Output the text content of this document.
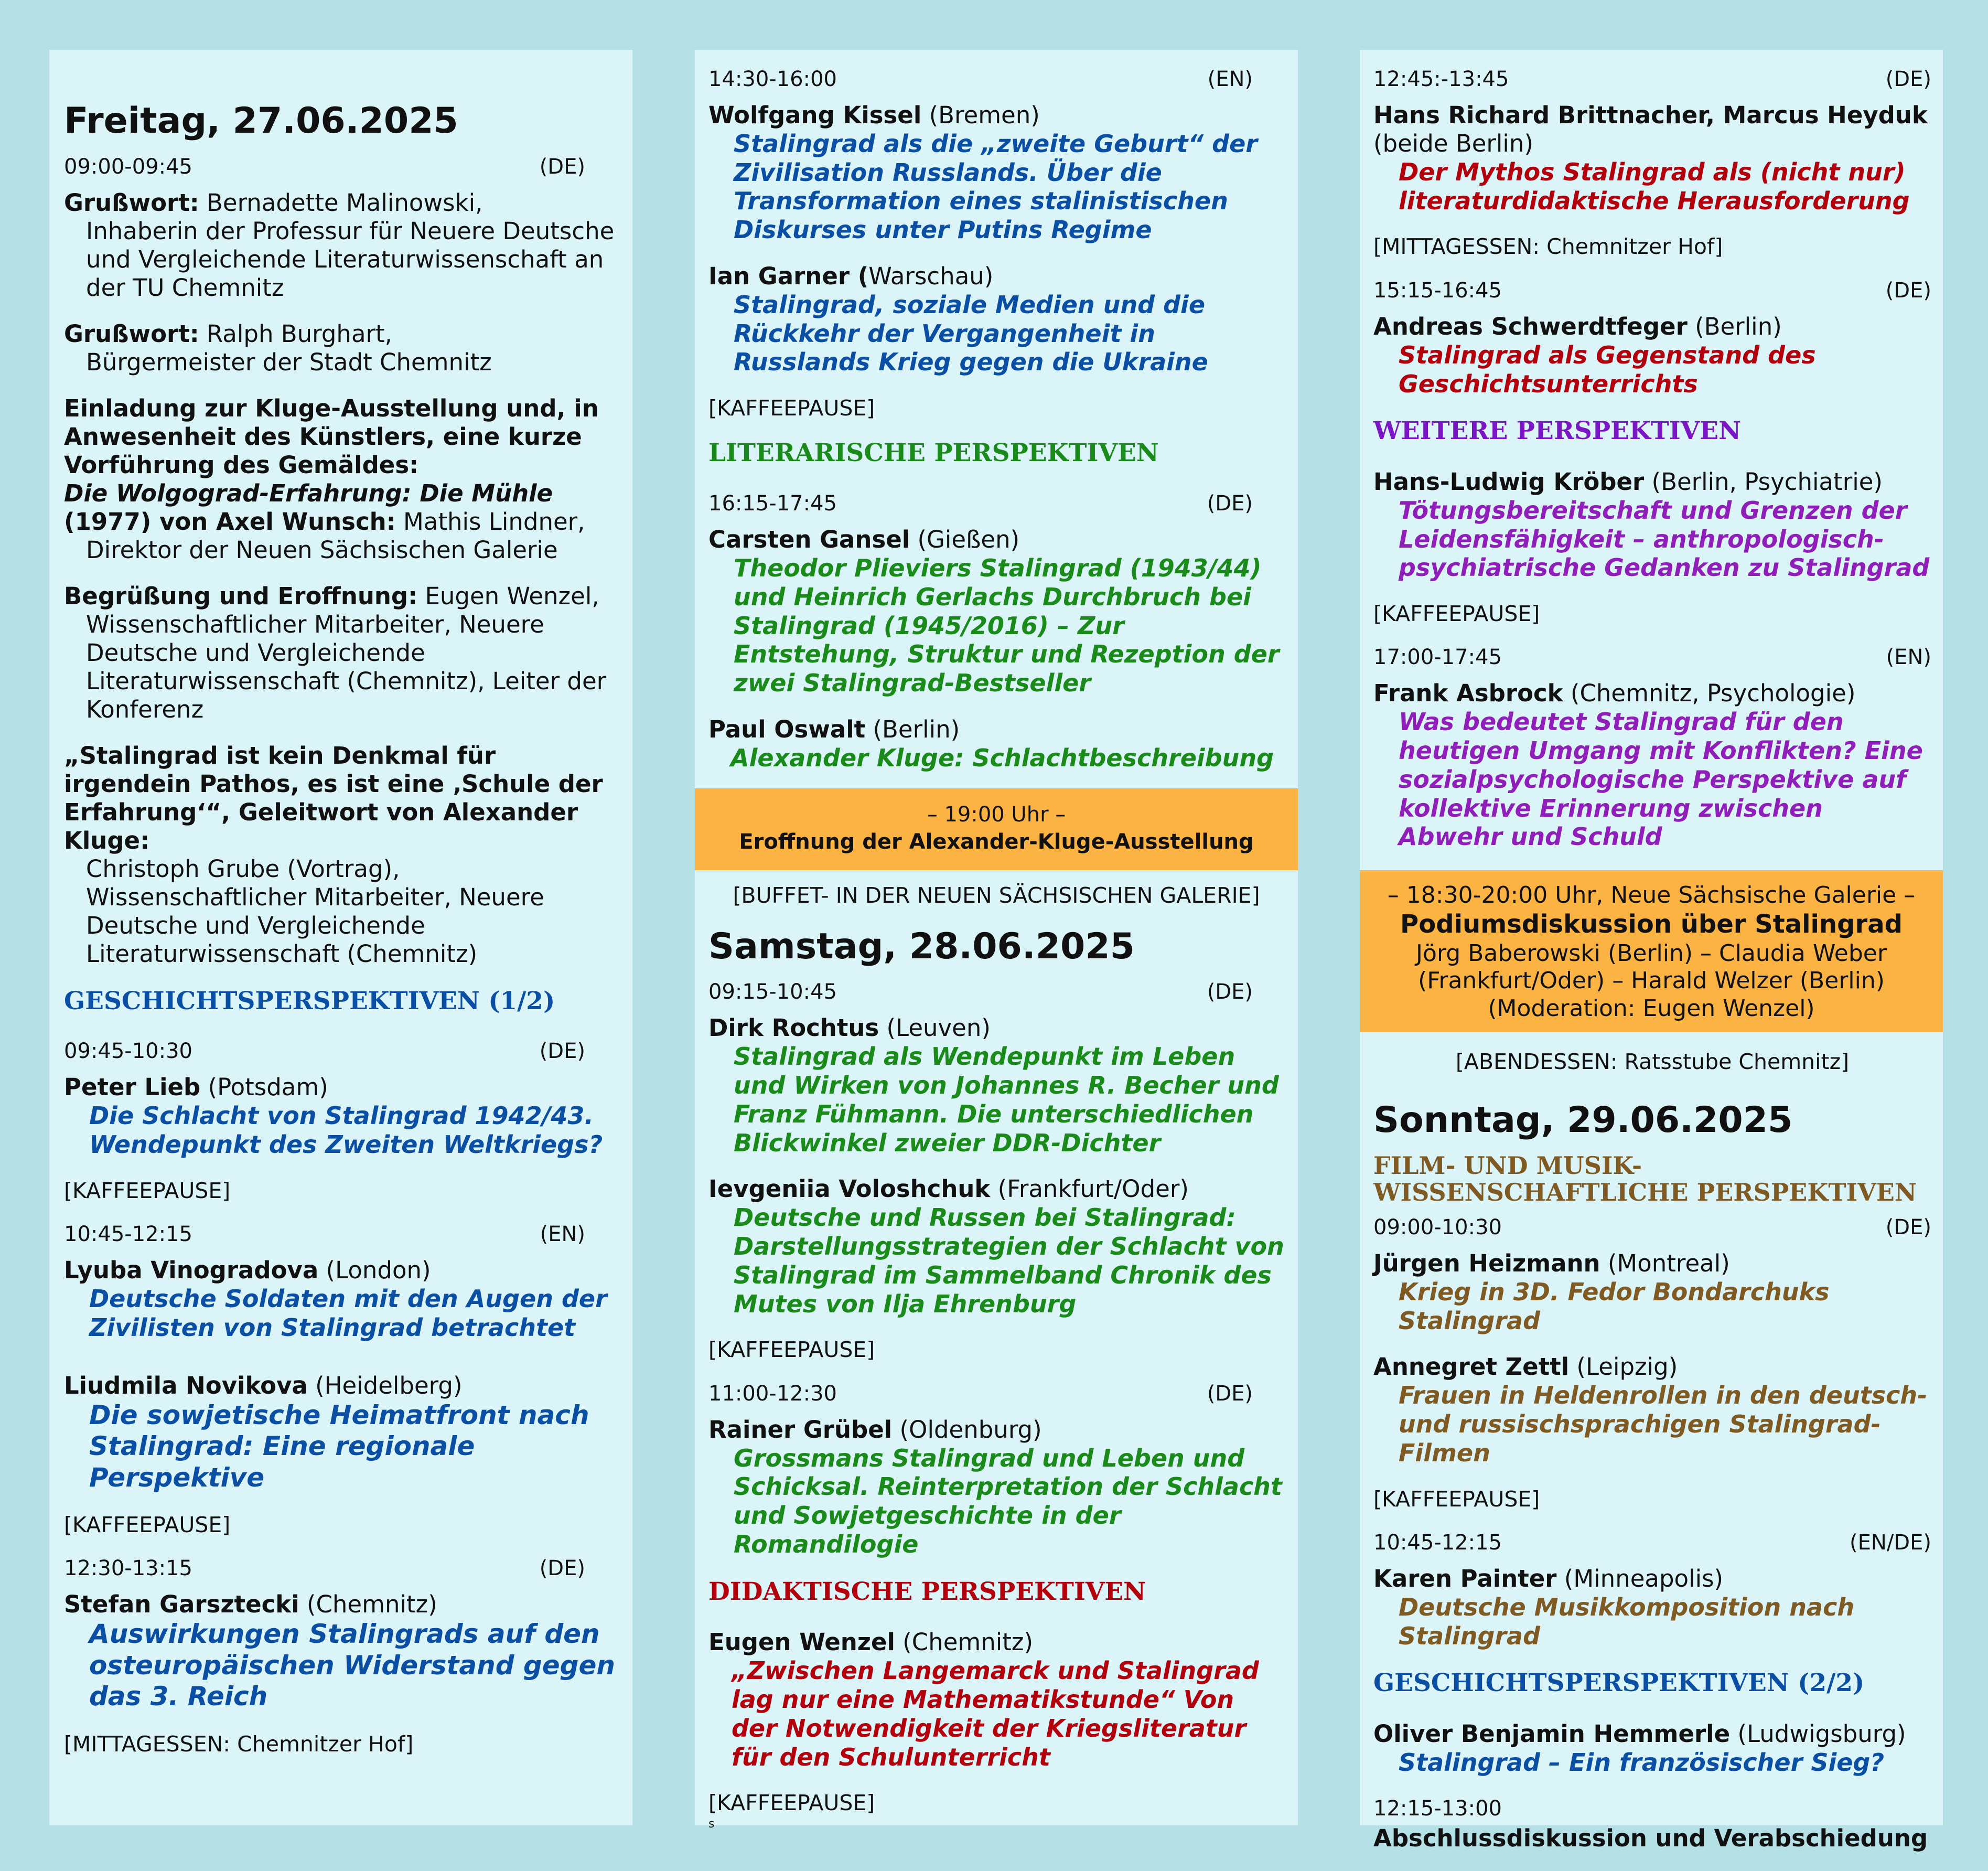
Freitag, 27.06.2025
09:00-09:45	(DE)
Grußwort: Bernadette Malinowski,
Inhaberin der Professur für Neuere Deutsche und Vergleichende Literaturwissenschaft an der TU Chemnitz
Grußwort: Ralph Burghart,
Bürgermeister der Stadt Chemnitz
Einladung zur Kluge-Ausstellung und, in Anwesenheit des Künstlers, eine kurze Vorführung des Gemäldes:
Die Wolgograd-Erfahrung: Die Mühle
(1977) von Axel Wunsch: Mathis Lindner,
Direktor der Neuen Sächsischen Galerie
Begrüßung und Eroffnung: Eugen Wenzel,
Wissenschaftlicher Mitarbeiter, Neuere Deutsche und Vergleichende Literaturwissenschaft (Chemnitz), Leiter der Konferenz
„Stalingrad ist kein Denkmal für irgendein Pathos, es ist eine ‚Schule der Erfahrung‘“, Geleitwort von Alexander Kluge:
Christoph Grube (Vortrag), Wissenschaftlicher Mitarbeiter, Neuere Deutsche und Vergleichende Literaturwissenschaft (Chemnitz)
GESCHICHTSPERSPEKTIVEN (1/2)
09:45-10:30	(DE)
Peter Lieb (Potsdam)
Die Schlacht von Stalingrad 1942/43. Wendepunkt des Zweiten Weltkriegs?
[KAFFEEPAUSE]
10:45-12:15	(EN)
Lyuba Vinogradova (London)
Deutsche Soldaten mit den Augen der Zivilisten von Stalingrad betrachtet
Liudmila Novikova (Heidelberg)
Die sowjetische Heimatfront nach Stalingrad: Eine regionale Perspektive
[KAFFEEPAUSE]
12:30-13:15	(DE)
Stefan Garsztecki (Chemnitz)
Auswirkungen Stalingrads auf den osteuropäischen Widerstand gegen das 3. Reich
[MITTAGESSEN: Chemnitzer Hof]
14:30-16:00	(EN)
Wolfgang Kissel (Bremen)
Stalingrad als die „zweite Geburt“ der Zivilisation Russlands. Über die Transformation eines stalinistischen Diskurses unter Putins Regime
Ian Garner (Warschau)
Stalingrad, soziale Medien und die Rückkehr der Vergangenheit in Russlands Krieg gegen die Ukraine
[KAFFEEPAUSE]
LITERARISCHE PERSPEKTIVEN
16:15-17:45	(DE)
Carsten Gansel (Gießen)
Theodor Plieviers Stalingrad (1943/44) und Heinrich Gerlachs Durchbruch bei Stalingrad (1945/2016) – Zur Entstehung, Struktur und Rezeption der zwei Stalingrad-Bestseller
Paul Oswalt (Berlin)
Alexander Kluge: Schlachtbeschreibung
– 19:00 Uhr –
Eroffnung der Alexander-Kluge-Ausstellung
[BUFFET- IN DER NEUEN SÄCHSISCHEN GALERIE]
Samstag, 28.06.2025
09:15-10:45	(DE)
Dirk Rochtus (Leuven)
Stalingrad als Wendepunkt im Leben und Wirken von Johannes R. Becher und Franz Fühmann. Die unterschiedlichen Blickwinkel zweier DDR-Dichter
Ievgeniia Voloshchuk (Frankfurt/Oder)
Deutsche und Russen bei Stalingrad: Darstellungsstrategien der Schlacht von Stalingrad im Sammelband Chronik des Mutes von Ilja Ehrenburg
[KAFFEEPAUSE]
11:00-12:30	(DE)
Rainer Grübel (Oldenburg)
Grossmans Stalingrad und Leben und Schicksal. Reinterpretation der Schlacht und Sowjetgeschichte in der Romandilogie
DIDAKTISCHE PERSPEKTIVEN
Eugen Wenzel (Chemnitz)
„Zwischen Langemarck und Stalingrad lag nur eine Mathematikstunde“ Von der Notwendigkeit der Kriegsliteratur für den Schulunterricht
[KAFFEEPAUSE]
s
12:45:-13:45	(DE)
Hans Richard Brittnacher, Marcus Heyduk
(beide Berlin)
Der Mythos Stalingrad als (nicht nur) literaturdidaktische Herausforderung
[MITTAGESSEN: Chemnitzer Hof]
15:15-16:45	(DE)
Andreas Schwerdtfeger (Berlin)
Stalingrad als Gegenstand des Geschichtsunterrichts
WEITERE PERSPEKTIVEN
Hans-Ludwig Kröber (Berlin, Psychiatrie)
Tötungsbereitschaft und Grenzen der Leidensfähigkeit – anthropologisch-psychiatrische Gedanken zu Stalingrad
[KAFFEEPAUSE]
17:00-17:45	(EN)
Frank Asbrock (Chemnitz, Psychologie)
Was bedeutet Stalingrad für den heutigen Umgang mit Konflikten? Eine sozialpsychologische Perspektive auf kollektive Erinnerung zwischen Abwehr und Schuld
– 18:30-20:00 Uhr, Neue Sächsische Galerie –
Podiumsdiskussion über Stalingrad
Jörg Baberowski (Berlin) – Claudia Weber (Frankfurt/Oder) – Harald Welzer (Berlin) (Moderation: Eugen Wenzel)
[ABENDESSEN: Ratsstube Chemnitz]
Sonntag, 29.06.2025
FILM- UND MUSIK-WISSENSCHAFTLICHE PERSPEKTIVEN
09:00-10:30	(DE)
Jürgen Heizmann (Montreal)
Krieg in 3D. Fedor Bondarchuks Stalingrad
Annegret Zettl (Leipzig)
Frauen in Heldenrollen in den deutsch- und russischsprachigen Stalingrad-Filmen
[KAFFEEPAUSE]
10:45-12:15	(EN/DE)
Karen Painter (Minneapolis)
Deutsche Musikkomposition nach Stalingrad
GESCHICHTSPERSPEKTIVEN (2/2)
Oliver Benjamin Hemmerle (Ludwigsburg)
Stalingrad – Ein französischer Sieg?
12:15-13:00
Abschlussdiskussion und Verabschiedung
